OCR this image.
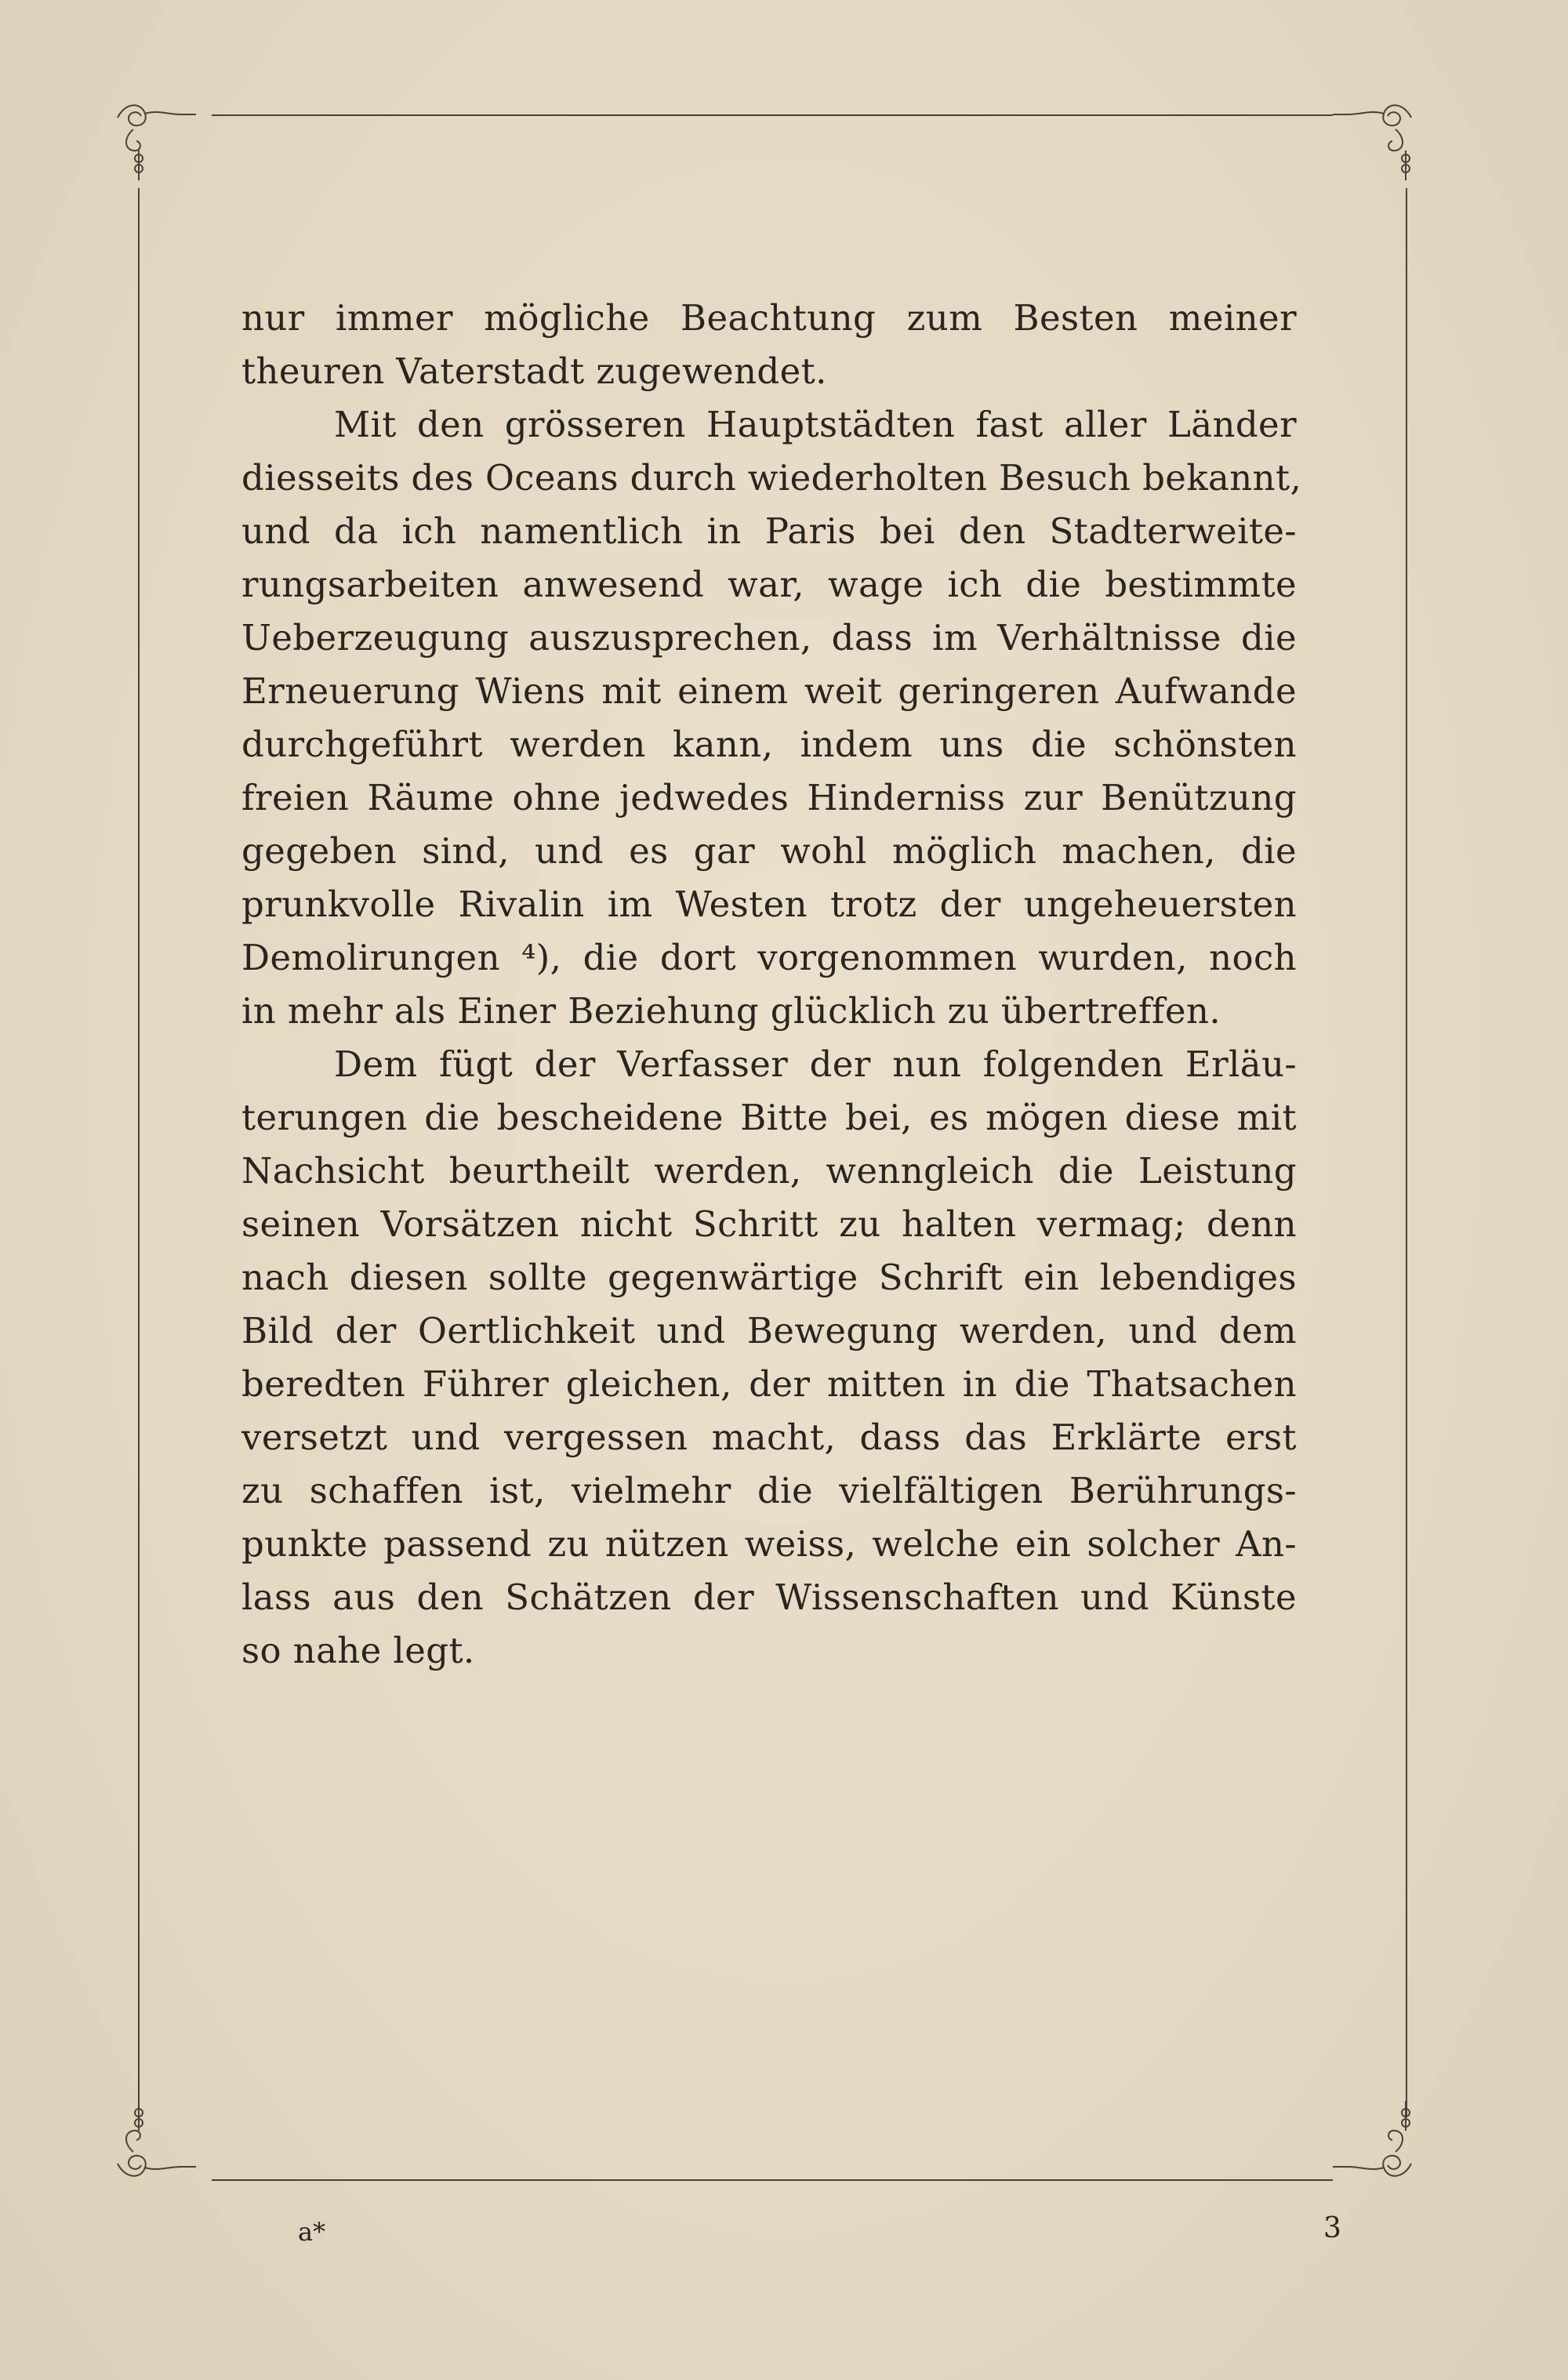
nur immer mögliche Beachtung zum Besten meiner
theuren Vaterstadt zugewendet.
Mit den grösseren Hauptstädten fast aller Länder
diesseits des Oceans durch wiederholten Besuch bekannt,
und da ich namentlich in Paris bei den Stadterweite-
rungsarbeiten anwesend war, wage ich die bestimmte
Ueberzeugung auszusprechen, dass im Verhältnisse die
Erneuerung Wiens mit einem weit geringeren Aufwande
durchgeführt werden kann, indem uns die schönsten
freien Räume ohne jedwedes Hinderniss zur Benützung
gegeben sind, und es gar wohl möglich machen, die
prunkvolle Rivalin im Westen trotz der ungeheuersten
Demolirungen ⁴), die dort vorgenommen wurden, noch
in mehr als Einer Beziehung glücklich zu übertreffen.
Dem fügt der Verfasser der nun folgenden Erläu-
terungen die bescheidene Bitte bei, es mögen diese mit
Nachsicht beurtheilt werden, wenngleich die Leistung
seinen Vorsätzen nicht Schritt zu halten vermag; denn
nach diesen sollte gegenwärtige Schrift ein lebendiges
Bild der Oertlichkeit und Bewegung werden, und dem
beredten Führer gleichen, der mitten in die Thatsachen
versetzt und vergessen macht, dass das Erklärte erst
zu schaffen ist, vielmehr die vielfältigen Berührungs-
punkte passend zu nützen weiss, welche ein solcher An-
lass aus den Schätzen der Wissenschaften und Künste
so nahe legt.
a*	3
